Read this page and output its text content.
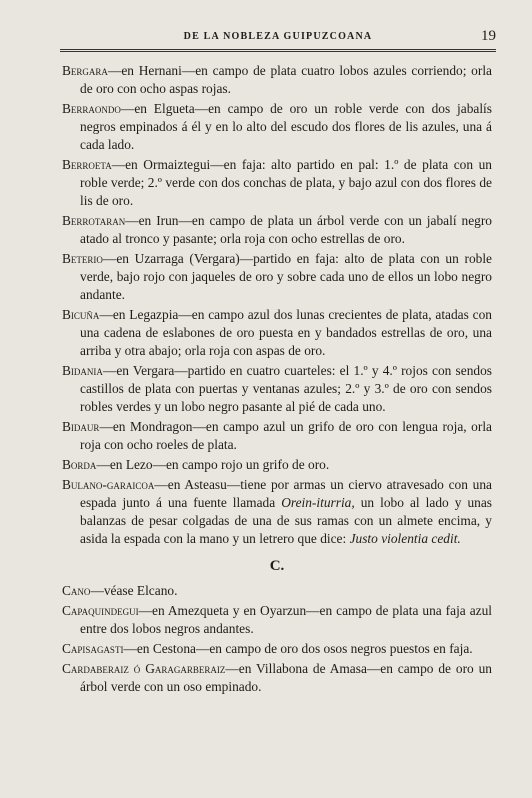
DE LA NOBLEZA GUIPUZCOANA	19

Bergara—en Hernani—en campo de plata cuatro lobos azules corriendo; orla de oro con ocho aspas rojas.

Berraondo—en Elgueta—en campo de oro un roble verde con dos jabalís negros empinados á él y en lo alto del escudo dos flores de lis azules, una á cada lado.

Berroeta—en Ormaiztegui—en faja: alto partido en pal: 1.º de plata con un roble verde; 2.º verde con dos conchas de plata, y bajo azul con dos flores de lis de oro.

Berrotaran—en Irun—en campo de plata un árbol verde con un jabalí negro atado al tronco y pasante; orla roja con ocho estrellas de oro.

Beterio—en Uzarraga (Vergara)—partido en faja: alto de plata con un roble verde, bajo rojo con jaqueles de oro y sobre cada uno de ellos un lobo negro andante.

Bicuña—en Legazpia—en campo azul dos lunas crecientes de plata, atadas con una cadena de eslabones de oro puesta en y bandados estrellas de oro, una arriba y otra abajo; orla roja con aspas de oro.

Bidania—en Vergara—partido en cuatro cuarteles: el 1.º y 4.º rojos con sendos castillos de plata con puertas y ventanas azules; 2.º y 3.º de oro con sendos robles verdes y un lobo negro pasante al pié de cada uno.

Bidaur—en Mondragon—en campo azul un grifo de oro con lengua roja, orla roja con ocho roeles de plata.

Borda—en Lezo—en campo rojo un grifo de oro.

Bulano-garaicoa—en Asteasu—tiene por armas un ciervo atravesado con una espada junto á una fuente llamada Orein-iturria, un lobo al lado y unas balanzas de pesar colgadas de una de sus ramas con un almete encima, y asida la espada con la mano y un letrero que dice: Justo violentia cedit.

C.

Cano—véase Elcano.

Capaquindegui—en Amezqueta y en Oyarzun—en campo de plata una faja azul entre dos lobos negros andantes.

Capisagasti—en Cestona—en campo de oro dos osos negros puestos en faja.

Cardaberaiz ó Garagarberaiz—en Villabona de Amasa—en campo de oro un árbol verde con un oso empinado.
